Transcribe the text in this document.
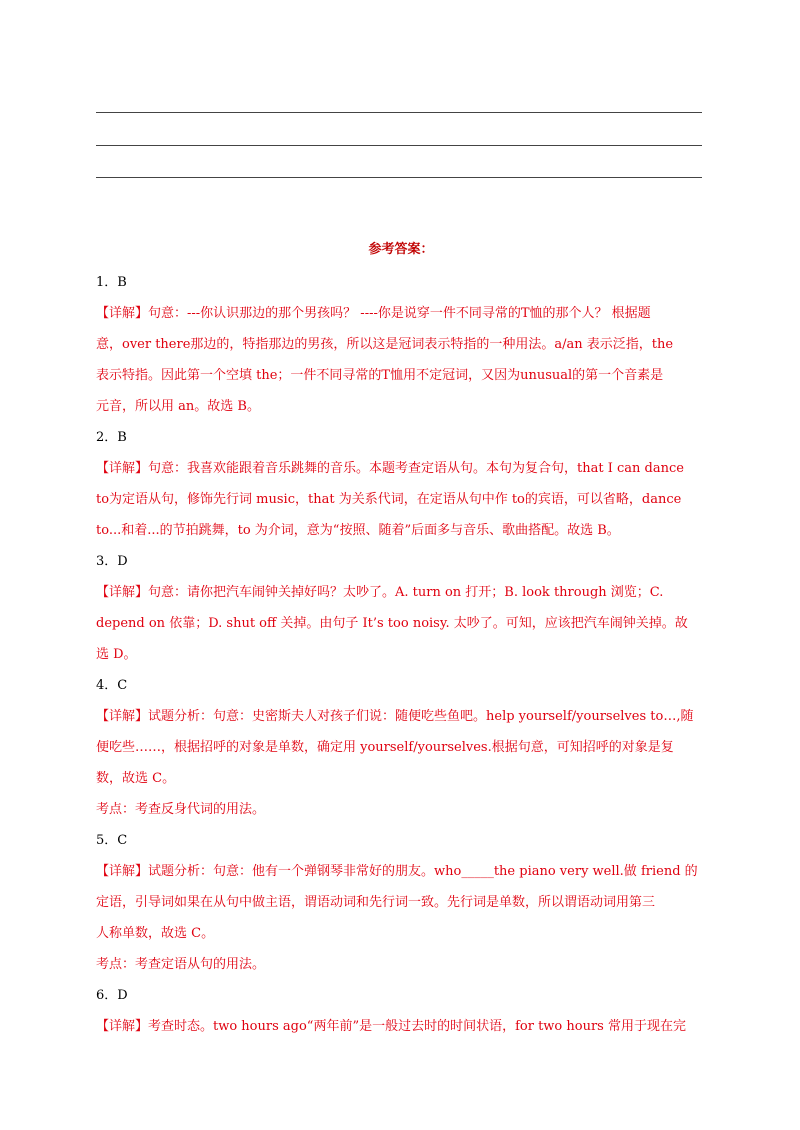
参考答案：
1．B
【详解】句意：---你认识那边的那个男孩吗？ ----你是说穿一件不同寻常的T恤的那个人？ 根据题
意，over there那边的，特指那边的男孩，所以这是冠词表示特指的一种用法。a/an 表示泛指，the
表示特指。因此第一个空填 the；一件不同寻常的T恤用不定冠词，又因为unusual的第一个音素是
元音，所以用 an。故选 B。
2．B
【详解】句意：我喜欢能跟着音乐跳舞的音乐。本题考查定语从句。本句为复合句，that I can dance
to为定语从句，修饰先行词 music，that 为关系代词，在定语从句中作 to的宾语，可以省略，dance
to...和着...的节拍跳舞，to 为介词，意为“按照、随着”后面多与音乐、歌曲搭配。故选 B。
3．D
【详解】句意：请你把汽车闹钟关掉好吗？太吵了。A. turn on 打开；B. look through 浏览；C.
depend on 依靠；D. shut off 关掉。由句子 It’s too noisy. 太吵了。可知，应该把汽车闹钟关掉。故
选 D。
4．C
【详解】试题分析：句意：史密斯夫人对孩子们说：随便吃些鱼吧。help yourself/yourselves to…,随
便吃些……，根据招呼的对象是单数，确定用 yourself/yourselves.根据句意，可知招呼的对象是复
数，故选 C。
考点：考查反身代词的用法。
5．C
【详解】试题分析：句意：他有一个弹钢琴非常好的朋友。who_____the piano very well.做 friend 的
定语，引导词如果在从句中做主语，谓语动词和先行词一致。先行词是单数，所以谓语动词用第三
人称单数，故选 C。
考点：考查定语从句的用法。
6．D
【详解】考查时态。two hours ago“两年前”是一般过去时的时间状语，for two hours 常用于现在完
